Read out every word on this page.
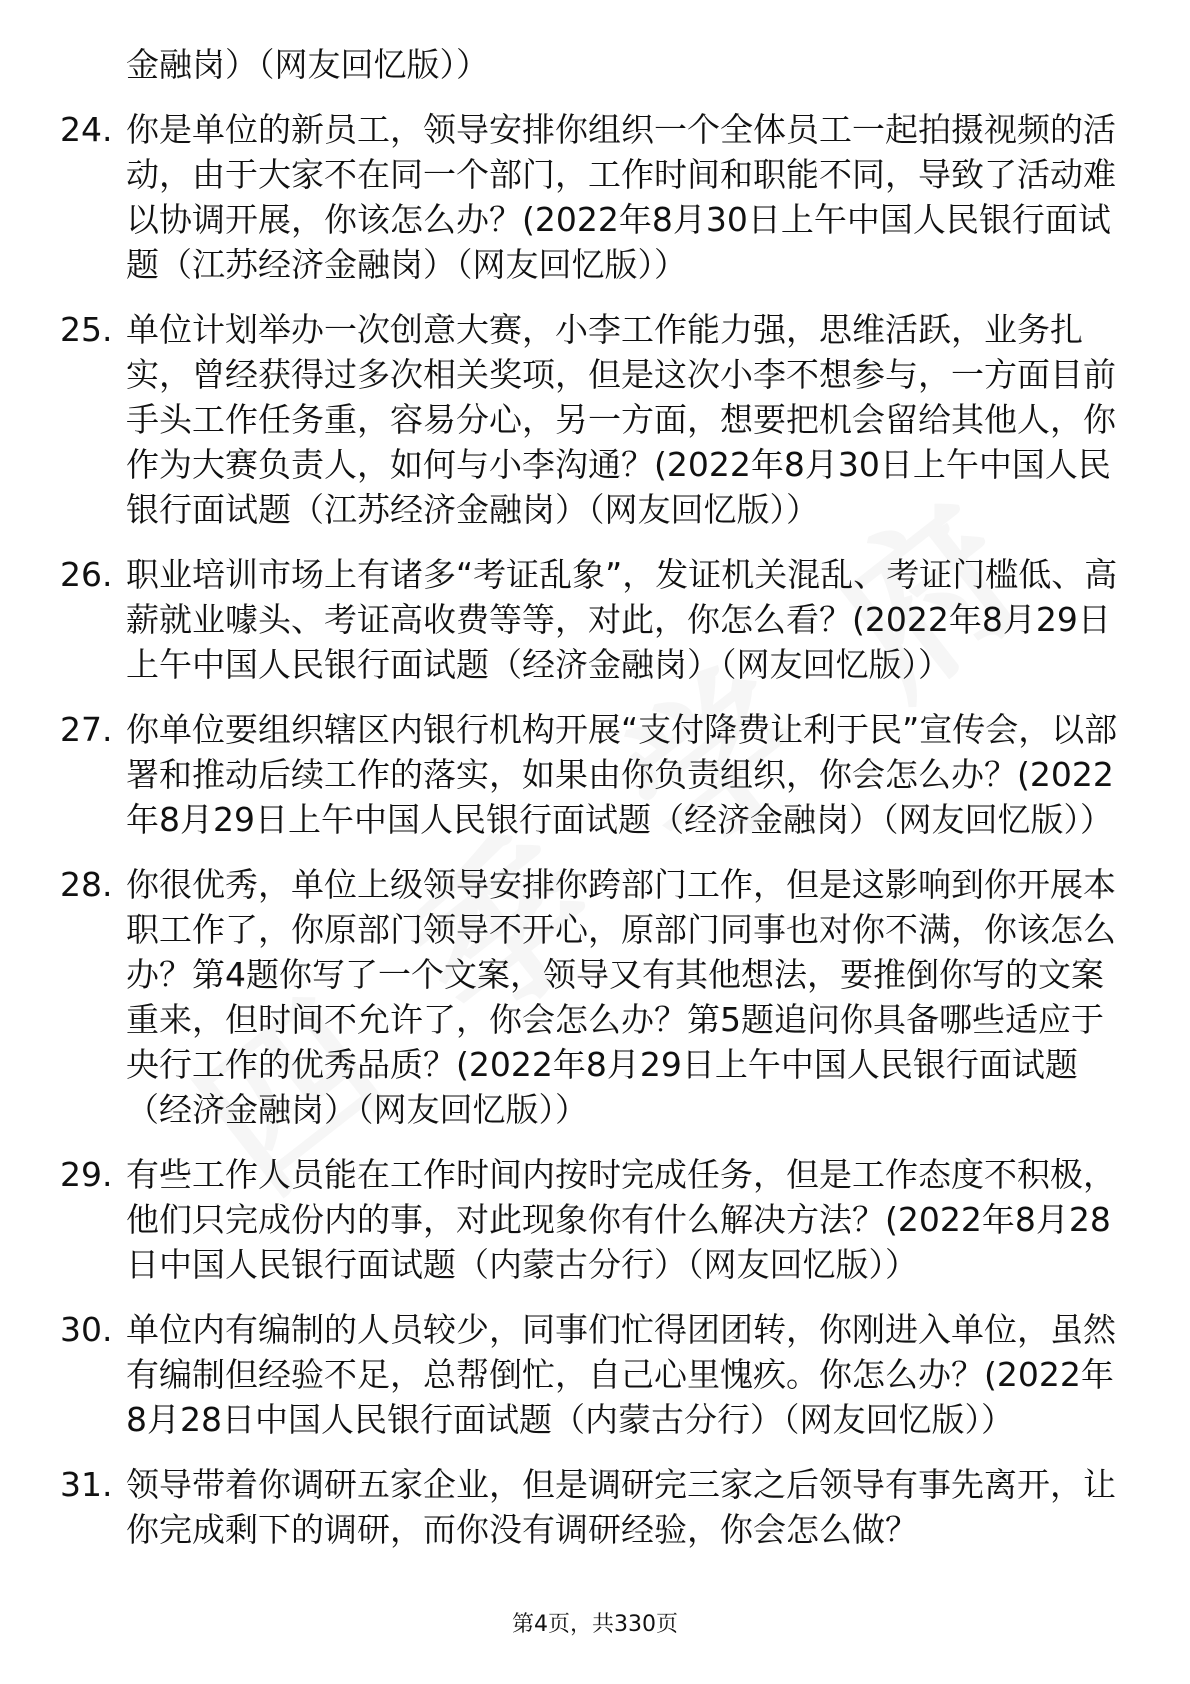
金融岗）（网友回忆版））
24. 你是单位的新员工，领导安排你组织一个全体员工一起拍摄视频的活动，由于大家不在同一个部门，工作时间和职能不同，导致了活动难以协调开展，你该怎么办？(2022年8月30日上午中国人民银行面试题（江苏经济金融岗）（网友回忆版））
25. 单位计划举办一次创意大赛，小李工作能力强，思维活跃，业务扎实，曾经获得过多次相关奖项，但是这次小李不想参与，一方面目前手头工作任务重，容易分心，另一方面，想要把机会留给其他人，你作为大赛负责人，如何与小李沟通？(2022年8月30日上午中国人民银行面试题（江苏经济金融岗）（网友回忆版））
26. 职业培训市场上有诸多“考证乱象”，发证机关混乱、考证门槛低、高薪就业噱头、考证高收费等等，对此，你怎么看？(2022年8月29日上午中国人民银行面试题（经济金融岗）（网友回忆版））
27. 你单位要组织辖区内银行机构开展“支付降费让利于民”宣传会，以部署和推动后续工作的落实，如果由你负责组织，你会怎么办？(2022年8月29日上午中国人民银行面试题（经济金融岗）（网友回忆版））
28. 你很优秀，单位上级领导安排你跨部门工作，但是这影响到你开展本职工作了，你原部门领导不开心，原部门同事也对你不满，你该怎么办？第4题你写了一个文案，领导又有其他想法，要推倒你写的文案重来，但时间不允许了，你会怎么办？第5题追问你具备哪些适应于央行工作的优秀品质？(2022年8月29日上午中国人民银行面试题（经济金融岗）（网友回忆版））
29. 有些工作人员能在工作时间内按时完成任务，但是工作态度不积极，他们只完成份内的事，对此现象你有什么解决方法？(2022年8月28日中国人民银行面试题（内蒙古分行）（网友回忆版））
30. 单位内有编制的人员较少，同事们忙得团团转，你刚进入单位，虽然有编制但经验不足，总帮倒忙，自己心里愧疚。你怎么办？(2022年8月28日中国人民银行面试题（内蒙古分行）（网友回忆版））
31. 领导带着你调研五家企业，但是调研完三家之后领导有事先离开，让你完成剩下的调研，而你没有调研经验，你会怎么做？
第4页，共330页
